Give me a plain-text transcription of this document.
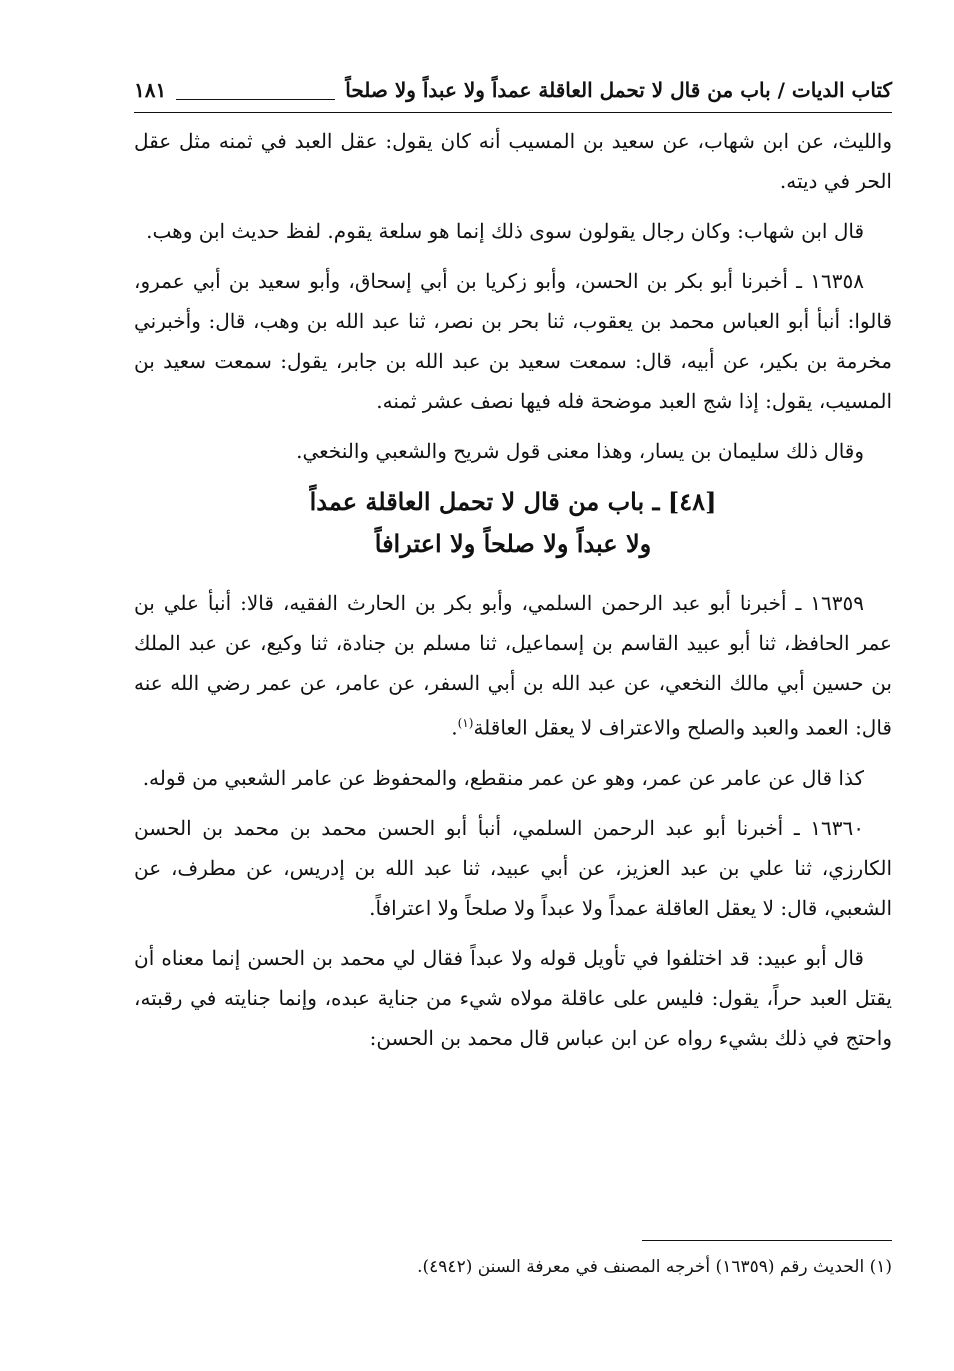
كتاب الديات / باب من قال لا تحمل العاقلة عمداً ولا عبداً ولا صلحاً
١٨١

والليث، عن ابن شهاب، عن سعيد بن المسيب أنه كان يقول: عقل العبد في ثمنه مثل عقل الحر في ديته.

قال ابن شهاب: وكان رجال يقولون سوى ذلك إنما هو سلعة يقوم. لفظ حديث ابن وهب.

١٦٣٥٨ ـ أخبرنا أبو بكر بن الحسن، وأبو زكريا بن أبي إسحاق، وأبو سعيد بن أبي عمرو، قالوا: أنبأ أبو العباس محمد بن يعقوب، ثنا بحر بن نصر، ثنا عبد الله بن وهب، قال: وأخبرني مخرمة بن بكير، عن أبيه، قال: سمعت سعيد بن عبد الله بن جابر، يقول: سمعت سعيد بن المسيب، يقول: إذا شج العبد موضحة فله فيها نصف عشر ثمنه.

وقال ذلك سليمان بن يسار، وهذا معنى قول شريح والشعبي والنخعي.

[٤٨] ـ باب من قال لا تحمل العاقلة عمداً
ولا عبداً ولا صلحاً ولا اعترافاً

١٦٣٥٩ ـ أخبرنا أبو عبد الرحمن السلمي، وأبو بكر بن الحارث الفقيه، قالا: أنبأ علي بن عمر الحافظ، ثنا أبو عبيد القاسم بن إسماعيل، ثنا مسلم بن جنادة، ثنا وكيع، عن عبد الملك بن حسين أبي مالك النخعي، عن عبد الله بن أبي السفر، عن عامر، عن عمر رضي الله عنه قال: العمد والعبد والصلح والاعتراف لا يعقل العاقلة$^{(١)}$.

كذا قال عن عامر عن عمر، وهو عن عمر منقطع، والمحفوظ عن عامر الشعبي من قوله.

١٦٣٦٠ ـ أخبرنا أبو عبد الرحمن السلمي، أنبأ أبو الحسن محمد بن محمد بن الحسن الكارزي، ثنا علي بن عبد العزيز، عن أبي عبيد، ثنا عبد الله بن إدريس، عن مطرف، عن الشعبي، قال: لا يعقل العاقلة عمداً ولا عبداً ولا صلحاً ولا اعترافاً.

قال أبو عبيد: قد اختلفوا في تأويل قوله ولا عبداً فقال لي محمد بن الحسن إنما معناه أن يقتل العبد حراً، يقول: فليس على عاقلة مولاه شيء من جناية عبده، وإنما جنايته في رقبته، واحتج في ذلك بشيء رواه عن ابن عباس قال محمد بن الحسن:

(١) الحديث رقم (١٦٣٥٩) أخرجه المصنف في معرفة السنن (٤٩٤٢).
